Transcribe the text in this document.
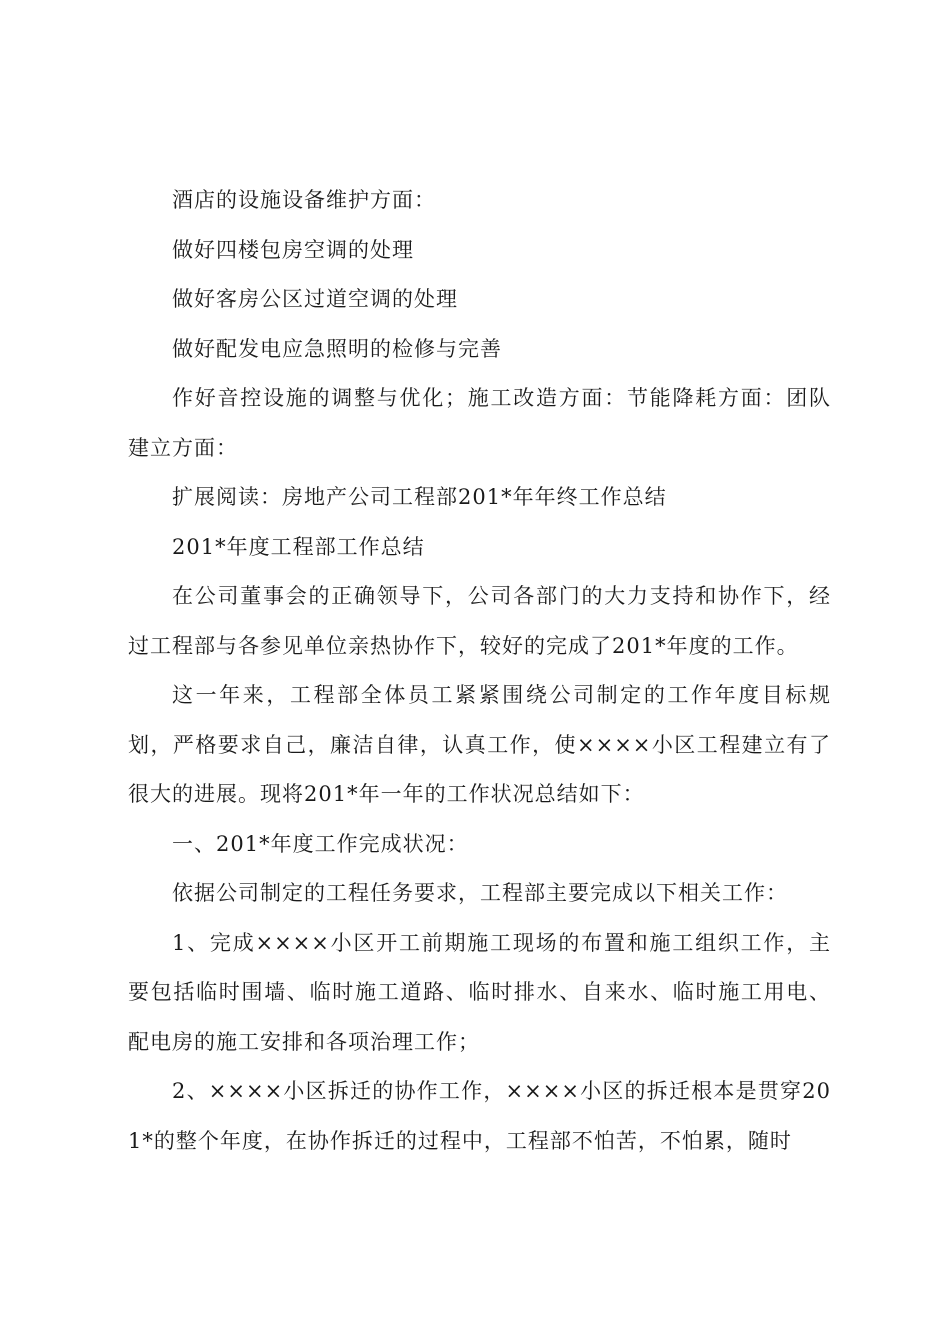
酒店的设施设备维护方面：

做好四楼包房空调的处理

做好客房公区过道空调的处理

做好配发电应急照明的检修与完善

作好音控设施的调整与优化；施工改造方面：节能降耗方面：团队建立方面：

扩展阅读：房地产公司工程部201*年年终工作总结

201*年度工程部工作总结

在公司董事会的正确领导下，公司各部门的大力支持和协作下，经过工程部与各参见单位亲热协作下，较好的完成了201*年度的工作。

这一年来，工程部全体员工紧紧围绕公司制定的工作年度目标规划，严格要求自己，廉洁自律，认真工作，使××××小区工程建立有了很大的进展。现将201*年一年的工作状况总结如下：

一、201*年度工作完成状况：

依据公司制定的工程任务要求，工程部主要完成以下相关工作：

1、完成××××小区开工前期施工现场的布置和施工组织工作，主要包括临时围墙、临时施工道路、临时排水、自来水、临时施工用电、配电房的施工安排和各项治理工作；

2、××××小区拆迁的协作工作，××××小区的拆迁根本是贯穿201*的整个年度，在协作拆迁的过程中，工程部不怕苦，不怕累，随时
